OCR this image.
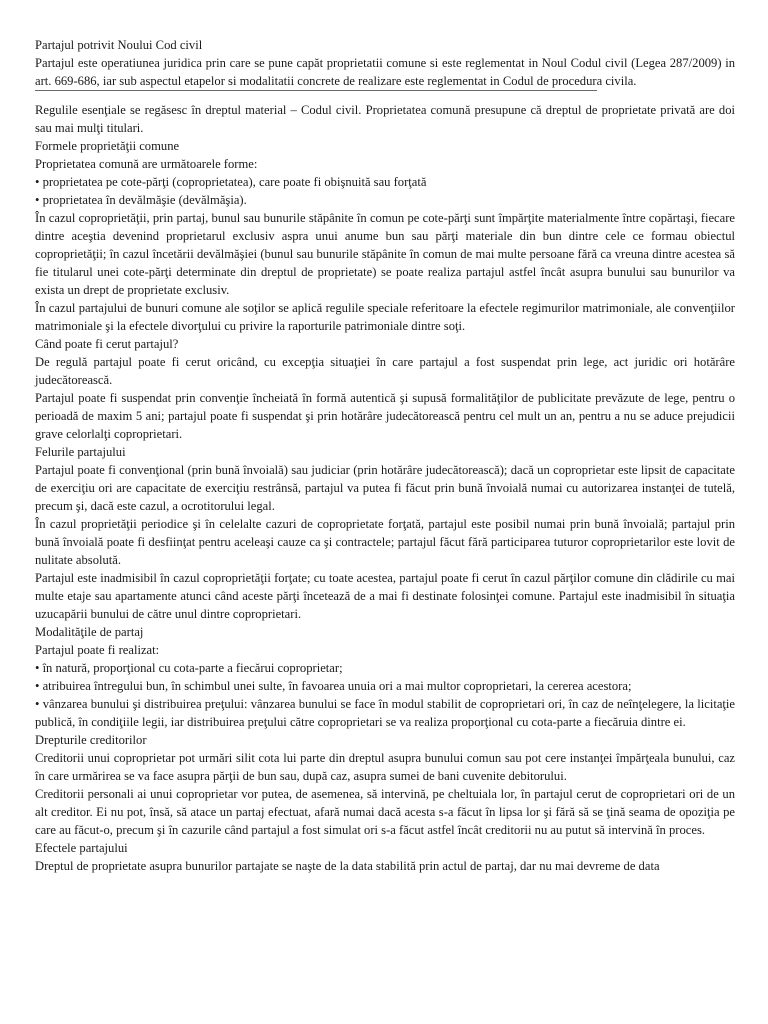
Partajul potrivit Noului Cod civil

Partajul este operatiunea juridica prin care se pune capăt proprietatii comune si este reglementat in Noul Codul civil (Legea 287/2009) in art. 669-686, iar sub aspectul etapelor si modalitatii concrete de realizare este reglementat in Codul de procedura civila.

Regulile esenţiale se regăsesc în dreptul material – Codul civil. Proprietatea comună presupune că dreptul de proprietate privată are doi sau mai mulţi titulari.

Formele proprietăţii comune

Proprietatea comună are următoarele forme:

• proprietatea pe cote-părţi (coproprietatea), care poate fi obişnuită sau forţată

• proprietatea în devălmăşie (devălmăşia).

În cazul coproprietăţii, prin partaj, bunul sau bunurile stăpânite în comun pe cote-părţi sunt împărţite materialmente între copărtaşi, fiecare dintre aceştia devenind proprietarul exclusiv aspra unui anume bun sau părţi materiale din bun dintre cele ce formau obiectul coproprietăţii; în cazul încetării devălmăşiei (bunul sau bunurile stăpânite în comun de mai multe persoane fără ca vreuna dintre acestea să fie titularul unei cote-părţi determinate din dreptul de proprietate) se poate realiza partajul astfel încât asupra bunului sau bunurilor va exista un drept de proprietate exclusiv.

În cazul partajului de bunuri comune ale soţilor se aplică regulile speciale referitoare la efectele regimurilor matrimoniale, ale convenţiilor matrimoniale şi la efectele divorţului cu privire la raporturile patrimoniale dintre soţi.

Când poate fi cerut partajul?

De regulă partajul poate fi cerut oricând, cu excepţia situaţiei în care partajul a fost suspendat prin lege, act juridic ori hotărâre judecătorească.

Partajul poate fi suspendat prin convenţie încheiată în formă autentică şi supusă formalităţilor de publicitate prevăzute de lege, pentru o perioadă de maxim 5 ani; partajul poate fi suspendat şi prin hotărâre judecătorească pentru cel mult un an, pentru a nu se aduce prejudicii grave celorlalţi coproprietari.

Felurile partajului

Partajul poate fi convenţional (prin bună învoială) sau judiciar (prin hotărâre judecătorească); dacă un coproprietar este lipsit de capacitate de exerciţiu ori are capacitate de exerciţiu restrânsă, partajul va putea fi făcut prin bună învoială numai cu autorizarea instanţei de tutelă, precum şi, dacă este cazul, a ocrotitorului legal.

În cazul proprietăţii periodice şi în celelalte cazuri de coproprietate forţată, partajul este posibil numai prin bună învoială; partajul prin bună învoială poate fi desfiinţat pentru aceleaşi cauze ca şi contractele; partajul făcut fără participarea tuturor coproprietarilor este lovit de nulitate absolută.

Partajul este inadmisibil în cazul coproprietăţii forţate; cu toate acestea, partajul poate fi cerut în cazul părţilor comune din clădirile cu mai multe etaje sau apartamente atunci când aceste părţi încetează de a mai fi destinate folosinţei comune. Partajul este inadmisibil în situaţia uzucapării bunului de către unul dintre coproprietari.

Modalităţile de partaj

Partajul poate fi realizat:

• în natură, proporţional cu cota-parte a fiecărui coproprietar;

• atribuirea întregului bun, în schimbul unei sulte, în favoarea unuia ori a mai multor coproprietari, la cererea acestora;

• vânzarea bunului şi distribuirea preţului: vânzarea bunului se face în modul stabilit de coproprietari ori, în caz de neînţelegere, la licitaţie publică, în condiţiile legii, iar distribuirea preţului către coproprietari se va realiza proporţional cu cota-parte a fiecăruia dintre ei.

Drepturile creditorilor

Creditorii unui coproprietar pot urmări silit cota lui parte din dreptul asupra bunului comun sau pot cere instanţei împărţeala bunului, caz în care urmărirea se va face asupra părţii de bun sau, după caz, asupra sumei de bani cuvenite debitorului.

Creditorii personali ai unui coproprietar vor putea, de asemenea, să intervină, pe cheltuiala lor, în partajul cerut de coproprietari ori de un alt creditor. Ei nu pot, însă, să atace un partaj efectuat, afară numai dacă acesta s-a făcut în lipsa lor şi fără să se ţină seama de opoziţia pe care au făcut-o, precum şi în cazurile când partajul a fost simulat ori s-a făcut astfel încât creditorii nu au putut să intervină în proces.

Efectele partajului

Dreptul de proprietate asupra bunurilor partajate se naşte de la data stabilită prin actul de partaj, dar nu mai devreme de data
